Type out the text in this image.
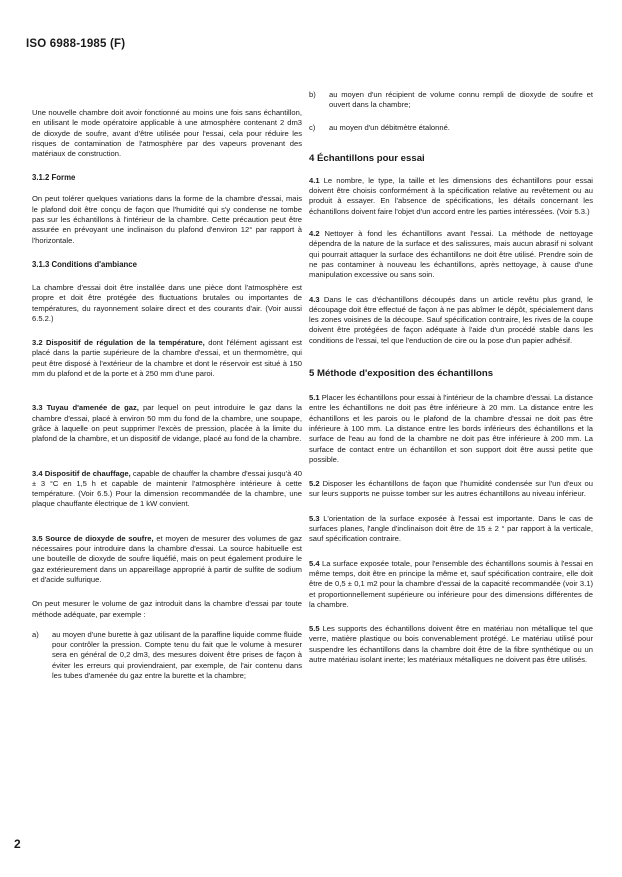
ISO 6988-1985 (F)

Une nouvelle chambre doit avoir fonctionné au moins une fois sans échantillon, en utilisant le mode opératoire applicable à une atmosphère contenant 2 dm3 de dioxyde de soufre, avant d'être utilisée pour l'essai, cela pour réduire les risques de contamination de l'atmosphère par des vapeurs provenant des matériaux de construction.

3.1.2 Forme

On peut tolérer quelques variations dans la forme de la chambre d'essai, mais le plafond doit être conçu de façon que l'humidité qui s'y condense ne tombe pas sur les échantillons à l'intérieur de la chambre. Cette précaution peut être assurée en prévoyant une inclinaison du plafond d'environ 12° par rapport à l'horizontale.

3.1.3 Conditions d'ambiance

La chambre d'essai doit être installée dans une pièce dont l'atmosphère est propre et doit être protégée des fluctuations brutales ou importantes de températures, du rayonnement solaire direct et des courants d'air. (Voir aussi 6.5.2.)

3.2 Dispositif de régulation de la température, dont l'élément agissant est placé dans la partie supérieure de la chambre d'essai, et un thermomètre, qui peut être disposé à l'extérieur de la chambre et dont le réservoir est situé à 150 mm du plafond et de la porte et à 250 mm d'une paroi.

3.3 Tuyau d'amenée de gaz, par lequel on peut introduire le gaz dans la chambre d'essai, placé à environ 50 mm du fond de la chambre, une soupape, grâce à laquelle on peut supprimer l'excès de pression, placée à la limite du plafond de la chambre, et un dispositif de vidange, placé au fond de la chambre.

3.4 Dispositif de chauffage, capable de chauffer la chambre d'essai jusqu'à 40 ± 3 °C en 1,5 h et capable de maintenir l'atmosphère intérieure à cette température. (Voir 6.5.) Pour la dimension recommandée de la chambre, une plaque chauffante électrique de 1 kW convient.

3.5 Source de dioxyde de soufre, et moyen de mesurer des volumes de gaz nécessaires pour introduire dans la chambre d'essai. La source habituelle est une bouteille de dioxyde de soufre liquéfié, mais on peut également produire le gaz extérieurement dans un appareillage approprié à partir de sulfite de sodium et d'acide sulfurique.

On peut mesurer le volume de gaz introduit dans la chambre d'essai par toute méthode adéquate, par exemple :

a)	au moyen d'une burette à gaz utilisant de la paraffine liquide comme fluide pour contrôler la pression. Compte tenu du fait que le volume à mesurer sera en général de 0,2 dm3, des mesures doivent être prises de façon à éviter les erreurs qui proviendraient, par exemple, de l'air contenu dans les tubes d'amenée du gaz entre la burette et la chambre;
b)	au moyen d'un récipient de volume connu rempli de dioxyde de soufre et ouvert dans la chambre;
c)	au moyen d'un débitmètre étalonné.

4 Échantillons pour essai

4.1 Le nombre, le type, la taille et les dimensions des échantillons pour essai doivent être choisis conformément à la spécification relative au revêtement ou au produit à essayer. En l'absence de spécifications, les détails concernant les échantillons doivent faire l'objet d'un accord entre les parties intéressées. (Voir 5.3.)

4.2 Nettoyer à fond les échantillons avant l'essai. La méthode de nettoyage dépendra de la nature de la surface et des salissures, mais aucun abrasif ni solvant qui pourrait attaquer la surface des échantillons ne doit être utilisé. Prendre soin de ne pas contaminer à nouveau les échantillons, après nettoyage, à cause d'une manipulation excessive ou sans soin.

4.3 Dans le cas d'échantillons découpés dans un article revêtu plus grand, le découpage doit être effectué de façon à ne pas abîmer le dépôt, spécialement dans les zones voisines de la découpe. Sauf spécification contraire, les rives de la coupe doivent être protégées de façon adéquate à l'aide d'un procédé stable dans les conditions de l'essai, tel que l'enduction de cire ou la pose d'un papier adhésif.

5 Méthode d'exposition des échantillons

5.1 Placer les échantillons pour essai à l'intérieur de la chambre d'essai. La distance entre les échantillons ne doit pas être inférieure à 20 mm. La distance entre les échantillons et les parois ou le plafond de la chambre d'essai ne doit pas être inférieure à 100 mm. La distance entre les bords inférieurs des échantillons et la surface de l'eau au fond de la chambre ne doit pas être inférieure à 200 mm. La surface de contact entre un échantillon et son support doit être aussi petite que possible.

5.2 Disposer les échantillons de façon que l'humidité condensée sur l'un d'eux ou sur leurs supports ne puisse tomber sur les autres échantillons au niveau inférieur.

5.3 L'orientation de la surface exposée à l'essai est importante. Dans le cas de surfaces planes, l'angle d'inclinaison doit être de 15 ± 2 ° par rapport à la verticale, sauf spécification contraire.

5.4 La surface exposée totale, pour l'ensemble des échantillons soumis à l'essai en même temps, doit être en principe la même et, sauf spécification contraire, elle doit être de 0,5 ± 0,1 m2 pour la chambre d'essai de la capacité recommandée (voir 3.1) et proportionnellement supérieure ou inférieure pour des dimensions différentes de la chambre.

5.5 Les supports des échantillons doivent être en matériau non métallique tel que verre, matière plastique ou bois convenablement protégé. Le matériau utilisé pour suspendre les échantillons dans la chambre doit être de la fibre synthétique ou un autre matériau isolant inerte; les matériaux métalliques ne doivent pas être utilisés.

2
